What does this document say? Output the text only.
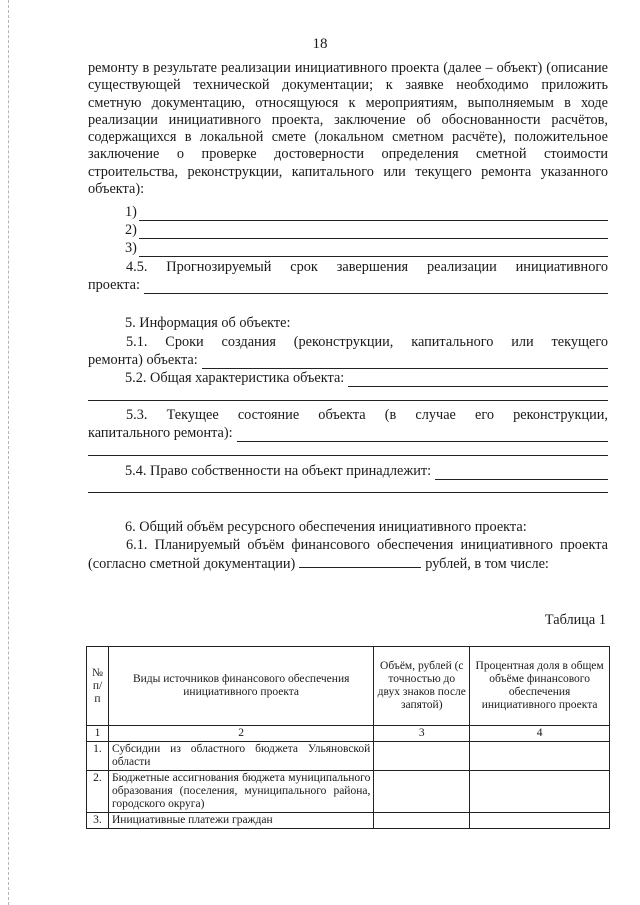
18
ремонту в результате реализации инициативного проекта (далее – объект) (описание существующей технической документации; к заявке необходимо приложить сметную документацию, относящуюся к мероприятиям, выполняемым в ходе реализации инициативного проекта, заключение об обоснованности расчётов, содержащихся в локальной смете (локальном сметном расчёте), положительное заключение о проверке достоверности определения сметной стоимости строительства, реконструкции, капитального или текущего ремонта указанного объекта):
1)
2)
3)
4.5. Прогнозируемый срок завершения реализации инициативного
проекта:
5. Информация об объекте:
5.1. Сроки создания (реконструкции, капитального или текущего
ремонта) объекта:
5.2. Общая характеристика объекта:
5.3. Текущее состояние объекта (в случае его реконструкции,
капитального ремонта):
5.4. Право собственности на объект принадлежит:
6. Общий объём ресурсного обеспечения инициативного проекта:
6.1. Планируемый объём финансового обеспечения инициативного проекта (согласно сметной документации)	рублей, в том числе:
Таблица 1
№ п/п	Виды источников финансового обеспечения инициативного проекта	Объём, рублей (с точностью до двух знаков после запятой)	Процентная доля в общем объёме финансового обеспечения инициативного проекта
1	2	3	4
1.	Субсидии из областного бюджета Ульяновской области		
2.	Бюджетные ассигнования бюджета муниципального образования (поселения, муниципального района, городского округа)		
3.	Инициативные платежи граждан		
